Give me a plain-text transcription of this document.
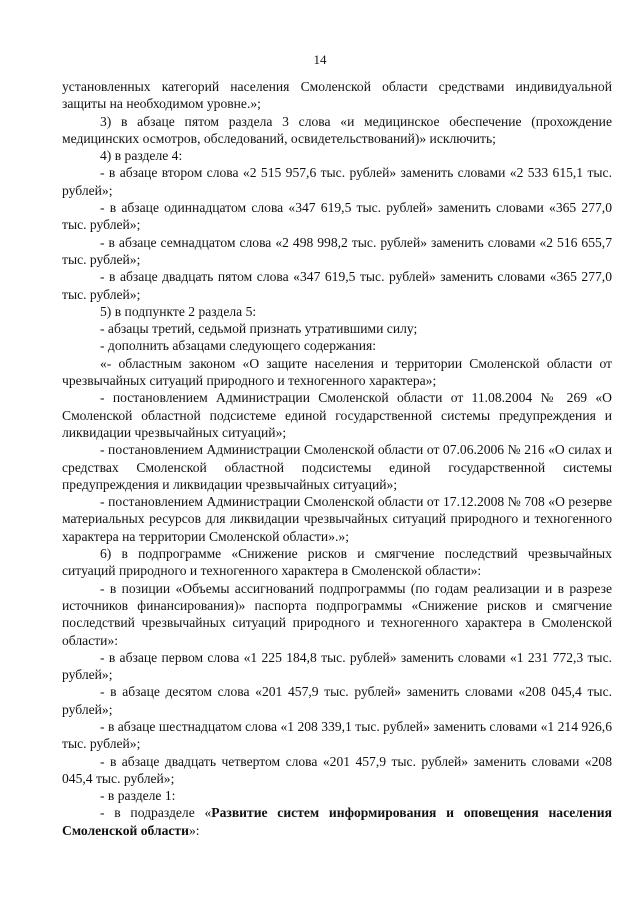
14

установленных категорий населения Смоленской области средствами индивидуальной защиты на необходимом уровне.»;

3) в абзаце пятом раздела 3 слова «и медицинское обеспечение (прохождение медицинских осмотров, обследований, освидетельствований)» исключить;

4) в разделе 4:

- в абзаце втором слова «2 515 957,6 тыс. рублей» заменить словами «2 533 615,1 тыс. рублей»;

- в абзаце одиннадцатом слова «347 619,5 тыс. рублей» заменить словами «365 277,0 тыс. рублей»;

- в абзаце семнадцатом слова «2 498 998,2 тыс. рублей» заменить словами «2 516 655,7 тыс. рублей»;

- в абзаце двадцать пятом слова «347 619,5 тыс. рублей» заменить словами «365 277,0 тыс. рублей»;

5) в подпункте 2 раздела 5:

- абзацы третий, седьмой признать утратившими силу;

- дополнить абзацами следующего содержания:

«- областным законом «О защите населения и территории Смоленской области от чрезвычайных ситуаций природного и техногенного характера»;

- постановлением Администрации Смоленской области от 11.08.2004 № 269 «О Смоленской областной подсистеме единой государственной системы предупреждения и ликвидации чрезвычайных ситуаций»;

- постановлением Администрации Смоленской области от 07.06.2006 № 216 «О силах и средствах Смоленской областной подсистемы единой государственной системы предупреждения и ликвидации чрезвычайных ситуаций»;

- постановлением Администрации Смоленской области от 17.12.2008 № 708 «О резерве материальных ресурсов для ликвидации чрезвычайных ситуаций природного и техногенного характера на территории Смоленской области».»;

6) в подпрограмме «Снижение рисков и смягчение последствий чрезвычайных ситуаций природного и техногенного характера в Смоленской области»:

- в позиции «Объемы ассигнований подпрограммы (по годам реализации и в разрезе источников финансирования)» паспорта подпрограммы «Снижение рисков и смягчение последствий чрезвычайных ситуаций природного и техногенного характера в Смоленской области»:

- в абзаце первом слова «1 225 184,8 тыс. рублей» заменить словами «1 231 772,3 тыс. рублей»;

- в абзаце десятом слова «201 457,9 тыс. рублей» заменить словами «208 045,4 тыс. рублей»;

- в абзаце шестнадцатом слова «1 208 339,1 тыс. рублей» заменить словами «1 214 926,6 тыс. рублей»;

- в абзаце двадцать четвертом слова «201 457,9 тыс. рублей» заменить словами «208 045,4 тыс. рублей»;

- в разделе 1:

- в подразделе «Развитие систем информирования и оповещения населения Смоленской области»:
